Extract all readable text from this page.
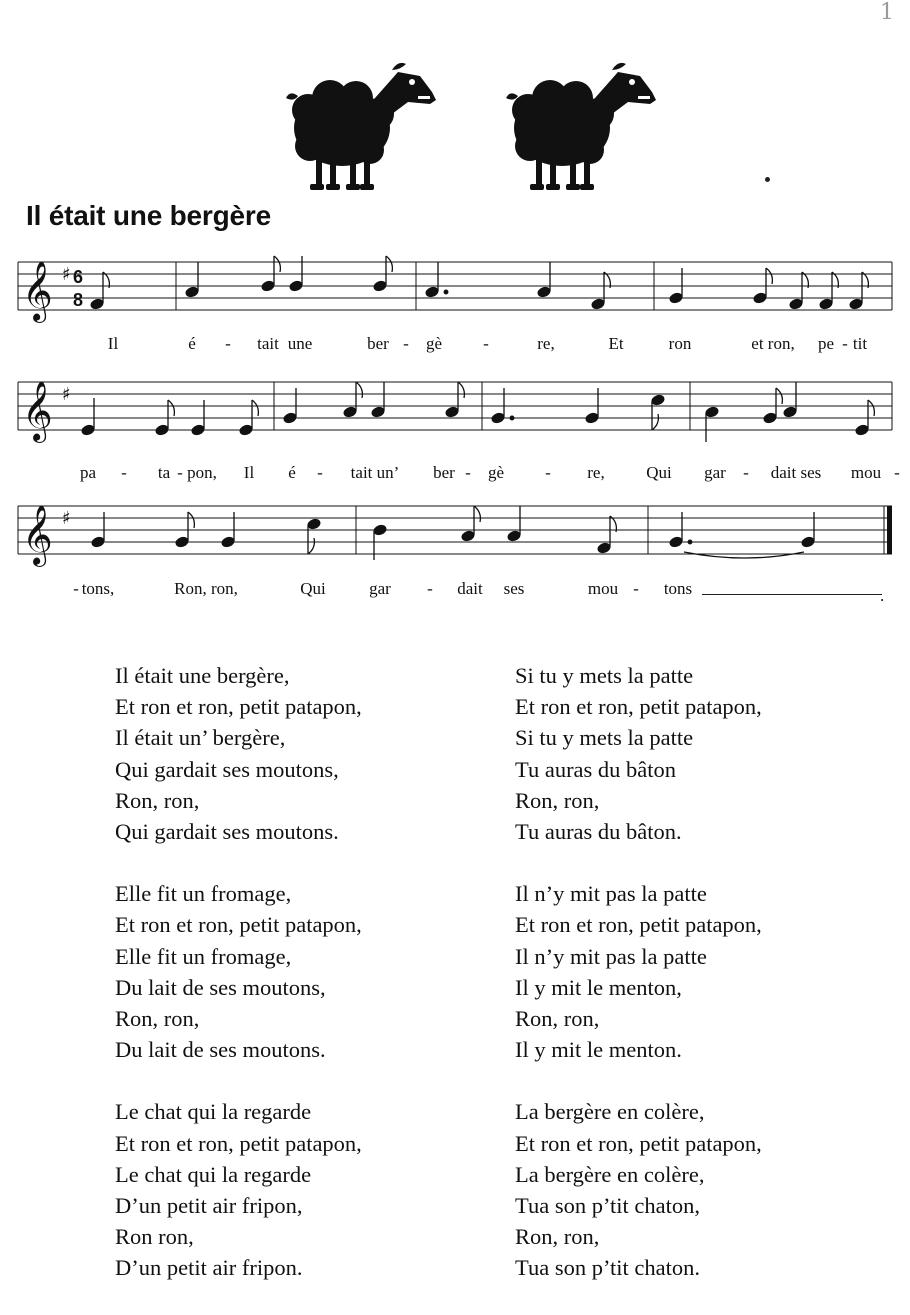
1
Il était une bergère
𝄞 ♯ 6
8
Il	é - tait une	ber - gè -	re,	Et	ron	et ron, pe - tit
𝄞 ♯
pa - ta - pon, Il é - tait un’ ber - gè - re, Qui gar - dait ses mou -
𝄞 ♯
- tons,	Ron, ron,	Qui	gar - dait ses	mou - tons	.
Il était une bergère,
Et ron et ron, petit patapon,
Il était un’ bergère,
Qui gardait ses moutons,
Ron, ron,
Qui gardait ses moutons.
Elle fit un fromage,
Et ron et ron, petit patapon,
Elle fit un fromage,
Du lait de ses moutons,
Ron, ron,
Du lait de ses moutons.
Le chat qui la regarde
Et ron et ron, petit patapon,
Le chat qui la regarde
D’un petit air fripon,
Ron ron,
D’un petit air fripon.
Si tu y mets la patte
Et ron et ron, petit patapon,
Si tu y mets la patte
Tu auras du bâton
Ron, ron,
Tu auras du bâton.
Il n’y mit pas la patte
Et ron et ron, petit patapon,
Il n’y mit pas la patte
Il y mit le menton,
Ron, ron,
Il y mit le menton.
La bergère en colère,
Et ron et ron, petit patapon,
La bergère en colère,
Tua son p’tit chaton,
Ron, ron,
Tua son p’tit chaton.
